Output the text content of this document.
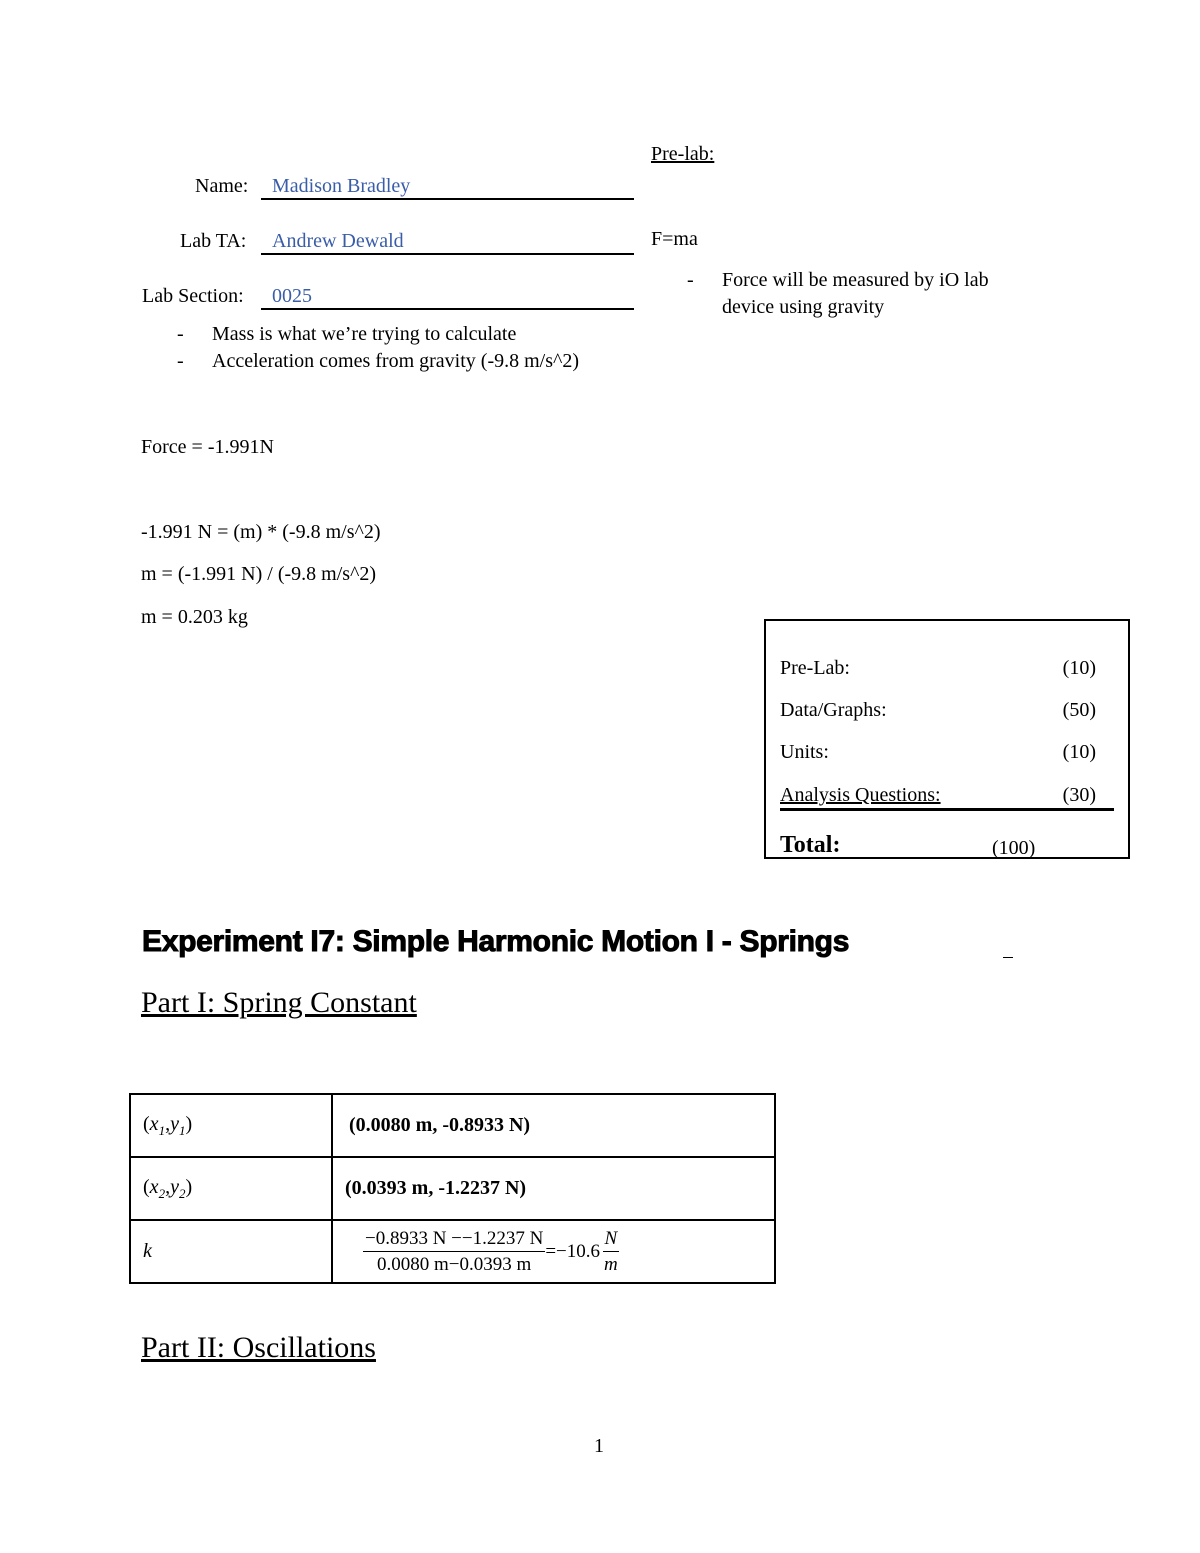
Name: Madison Bradley
Lab TA: Andrew Dewald
Lab Section: 0025
- Mass is what we’re trying to calculate
- Acceleration comes from gravity (-9.8 m/s^2)
Force = -1.991N
-1.991 N = (m) * (-9.8 m/s^2)
m = (-1.991 N) / (-9.8 m/s^2)
m = 0.203 kg
Pre-lab:
F=ma
- Force will be measured by iO lab
device using gravity
Pre-Lab:	(10)
Data/Graphs:	(50)
Units:	(10)
Analysis Questions:	(30)
Total:	(100)
Experiment I7: Simple Harmonic Motion I - Springs
Part I: Spring Constant
$(x_1,y_1)$	(0.0080 m, -0.8933 N)
$(x_2,y_2)$	(0.0393 m, -1.2237 N)
k	$\frac{-0.8933 N --1.2237 N}{0.0080 m-0.0393 m} =-10.6 \frac{N}{m}$
Part II: Oscillations
1
